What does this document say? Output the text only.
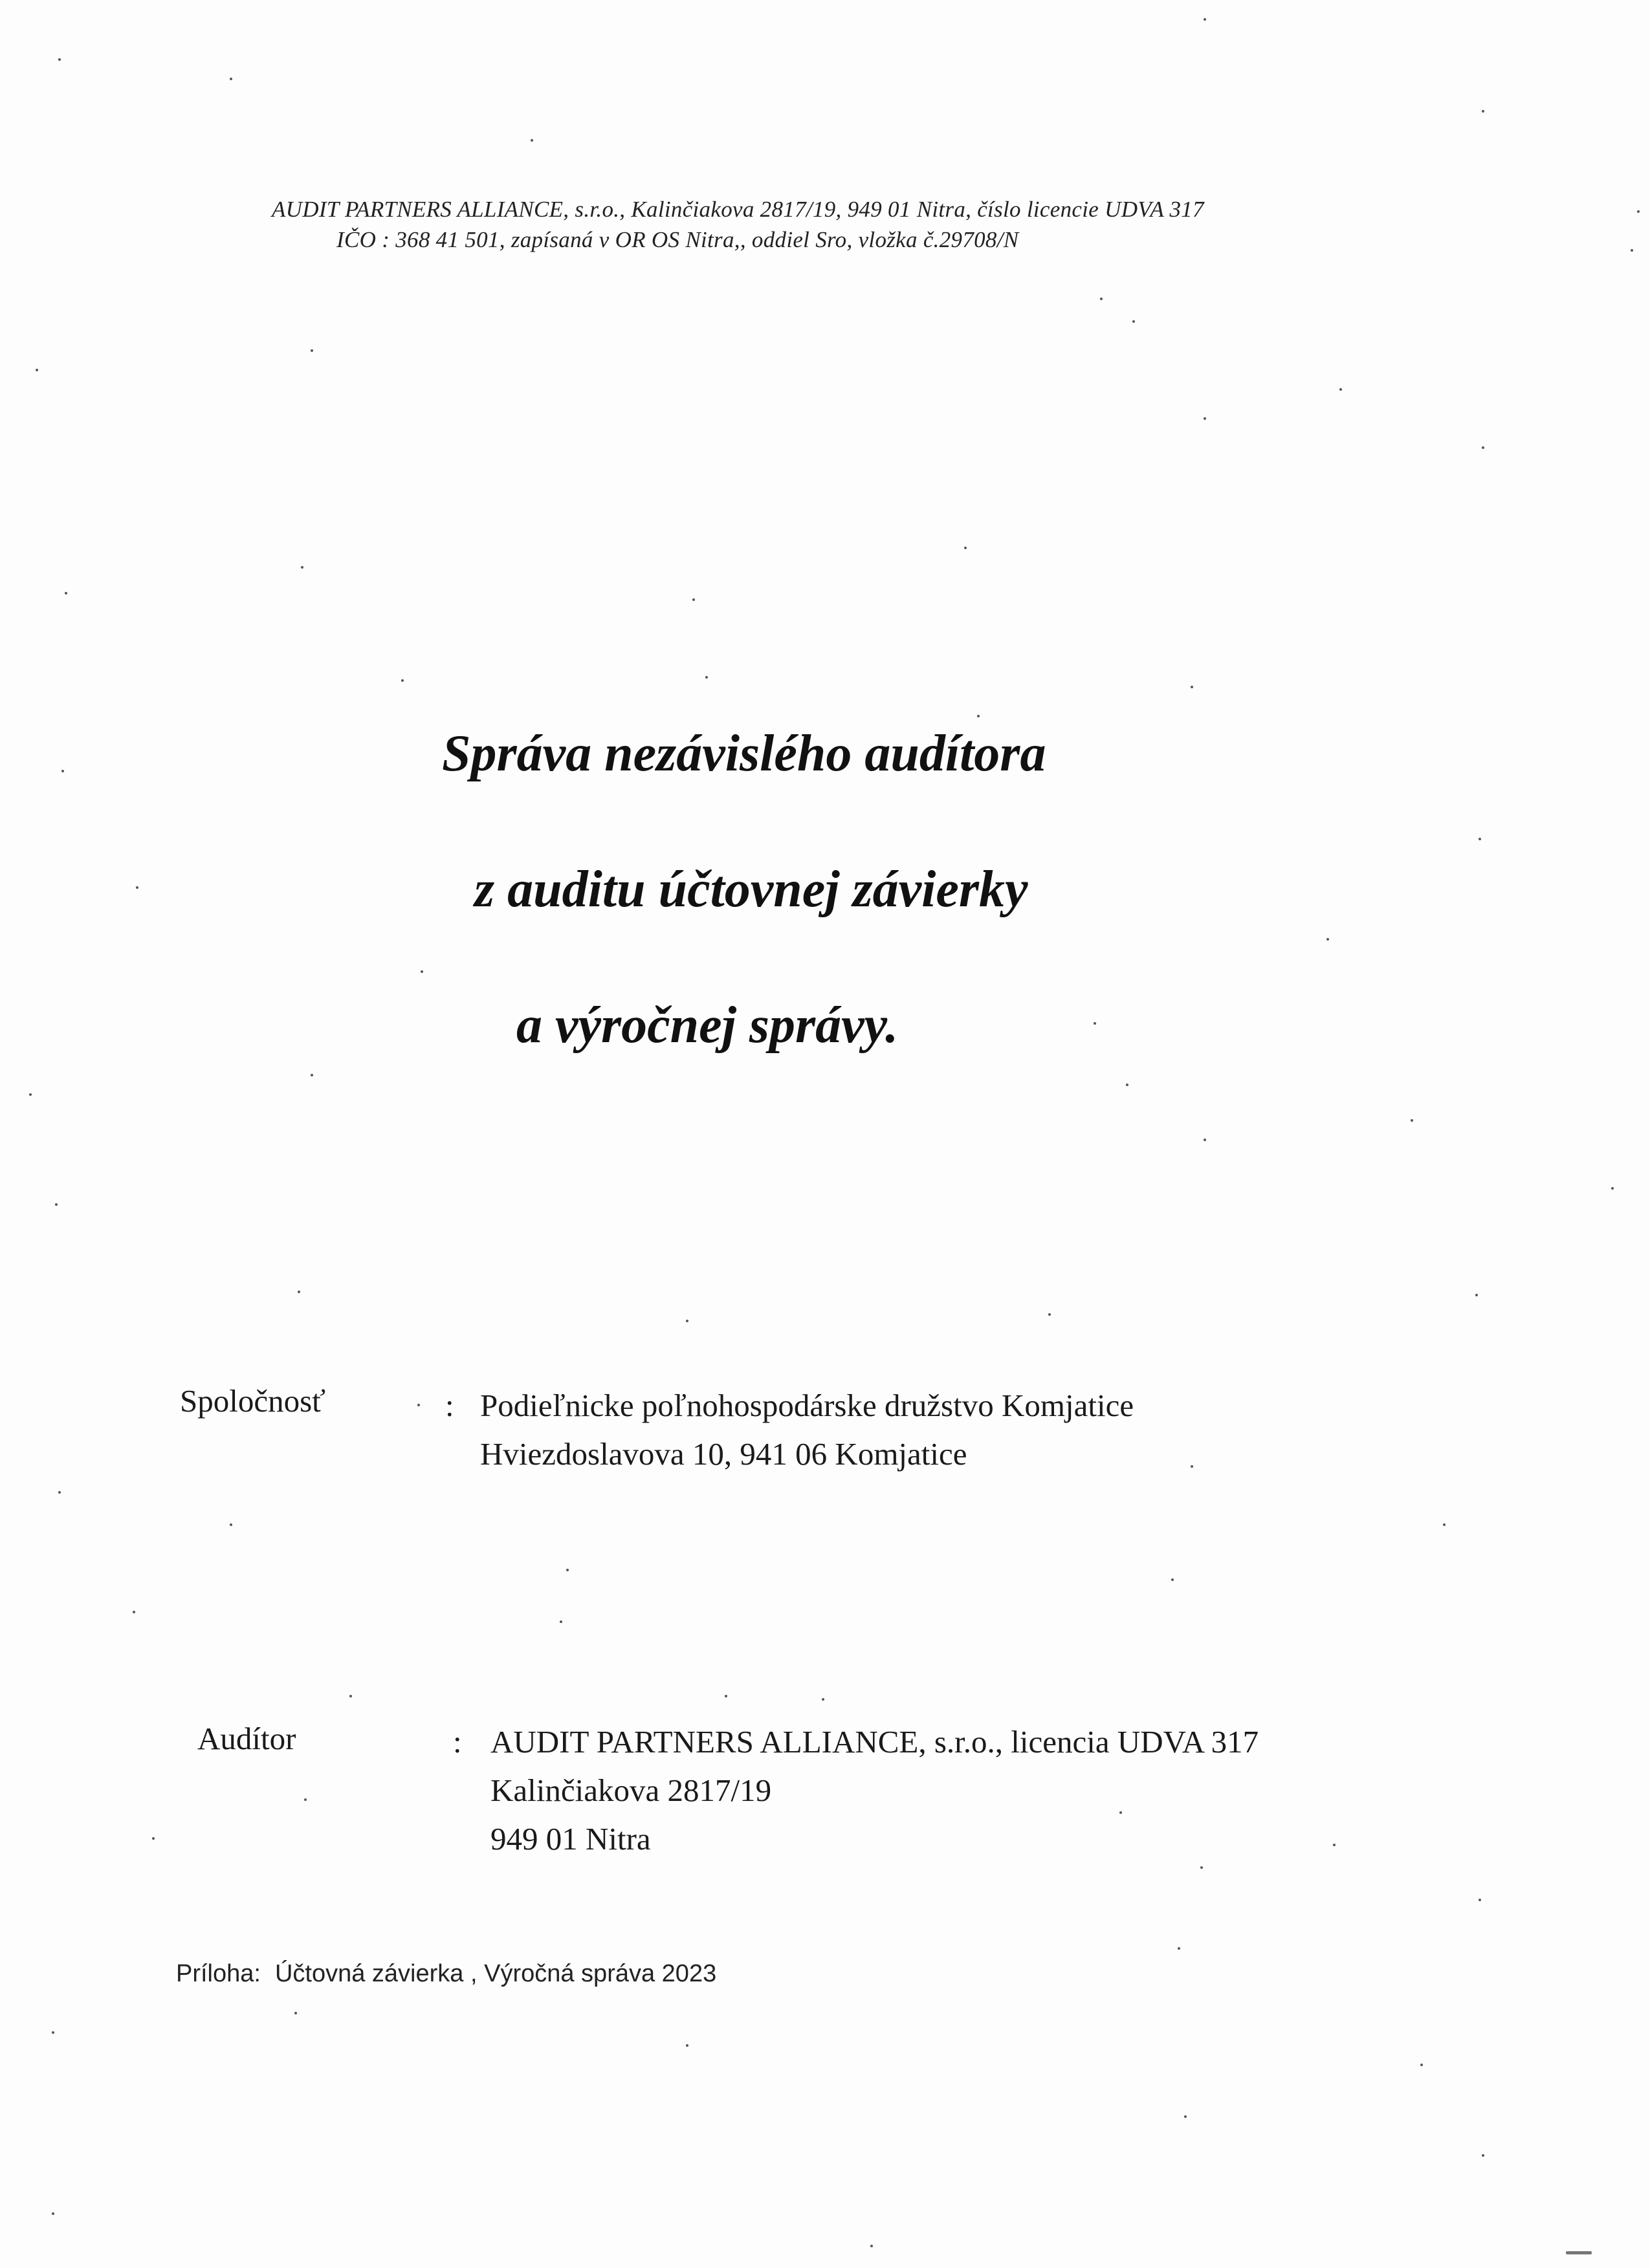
AUDIT PARTNERS ALLIANCE, s.r.o., Kalinčiakova 2817/19, 949 01 Nitra, číslo licencie UDVA 317
IČO : 368 41 501, zapísaná v OR OS Nitra,, oddiel Sro, vložka č.29708/N
Správa nezávislého audítora
z auditu účtovnej závierky
a výročnej správy.
Spoločnosť	: Podieľnicke poľnohospodárske družstvo Komjatice
Hviezdoslavova 10, 941 06 Komjatice
Audítor	: AUDIT PARTNERS ALLIANCE, s.r.o., licencia UDVA 317
Kalinčiakova 2817/19
949 01 Nitra
Príloha: Účtovná závierka , Výročná správa 2023
